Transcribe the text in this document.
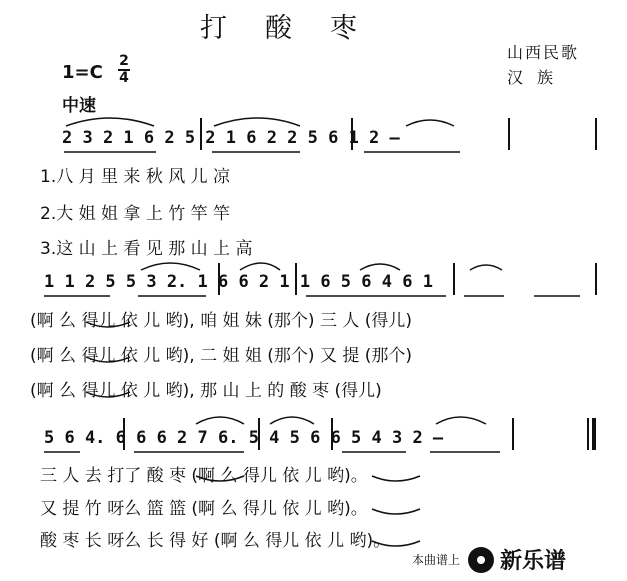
打酸枣
山西民歌
汉族
1=C
2
4
中速
2 3 2 1 6 2 5 2 1 6 2 2 5 6 1 2 –
1.八 月 里 来 秋 风 儿 凉
2.大 姐 姐 拿 上 竹 竿 竿
3.这 山 上 看 见 那 山 上 高
1 1 2 5 5 3 2. 1 6 6 2 1 1 6 5 6 4 6 1
(啊 么 得儿 依 儿 哟), 咱 姐 妹 (那个) 三 人 (得儿)
(啊 么 得儿 依 儿 哟), 二 姐 姐 (那个) 又 提 (那个)
(啊 么 得儿 依 儿 哟), 那 山 上 的 酸 枣 (得儿)
5 6 4. 6 6 6 2 7 6. 5 4 5 6 6 5 4 3 2 –
三 人 去 打了 酸 枣 (啊 么 得儿 依 儿 哟)。
又 提 竹 呀么 篮 篮 (啊 么 得儿 依 儿 哟)。
酸 枣 长 呀么 长 得 好 (啊 么 得儿 依 儿 哟)。
本曲谱上 新乐谱
